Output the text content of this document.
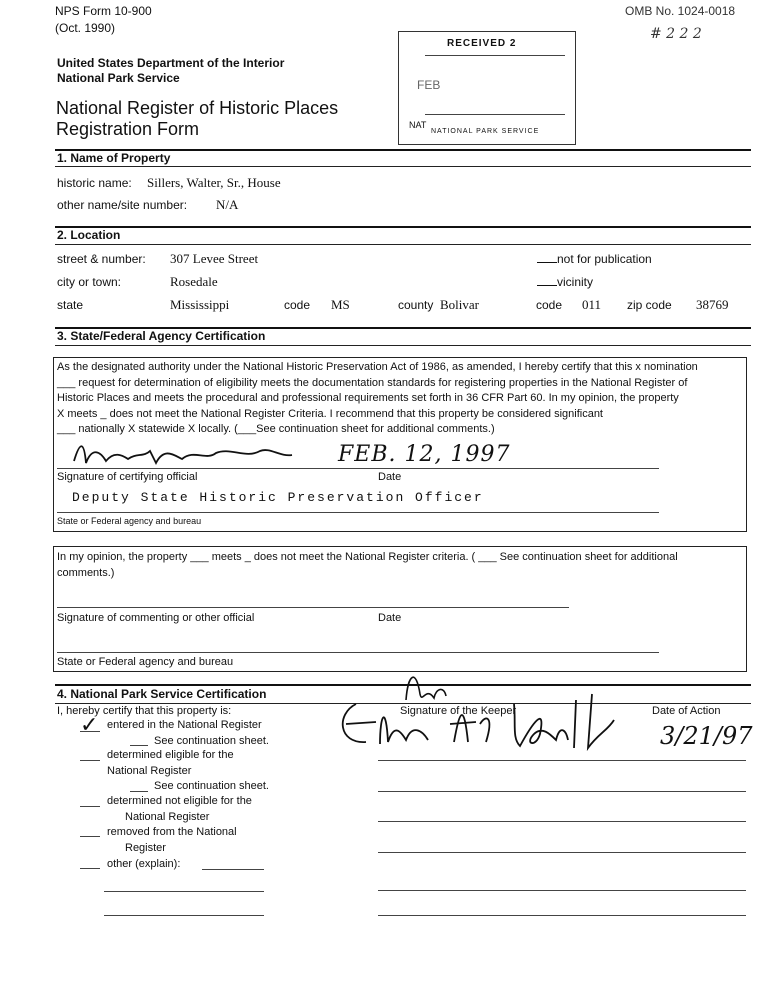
NPS Form 10-900
(Oct. 1990)
OMB No. 1024-0018
# 2 2 2
United States Department of the Interior
National Park Service
National Register of Historic Places Registration Form
RECEIVED 2
FEB
NAT
NATIONAL PARK SERVICE
1. Name of Property
historic name: Sillers, Walter, Sr., House
other name/site number: N/A
2. Location
street & number: 307 Levee Street	not for publication
city or town:	Rosedale	vicinity
state	Mississippi	code MS	county Bolivar	code 011 zip code 38769
3. State/Federal Agency Certification
As the designated authority under the National Historic Preservation Act of 1986, as amended, I hereby certify that this x nomination
___ request for determination of eligibility meets the documentation standards for registering properties in the National Register of
Historic Places and meets the procedural and professional requirements set forth in 36 CFR Part 60. In my opinion, the property
X meets _ does not meet the National Register Criteria. I recommend that this property be considered significant
___ nationally X statewide X locally. (___See continuation sheet for additional comments.)
FEB. 12, 1997
Signature of certifying official	Date
Deputy State Historic Preservation Officer
State or Federal agency and bureau
In my opinion, the property ___ meets _ does not meet the National Register criteria. ( ___ See continuation sheet for additional
comments.)
Signature of commenting or other official	Date
State or Federal agency and bureau
4. National Park Service Certification
I, hereby certify that this property is:
✓ entered in the National Register
See continuation sheet.
determined eligible for the
National Register
See continuation sheet.
determined not eligible for the
National Register
removed from the National
Register
other (explain):
Signature of the Keeper	Date of Action
3/21/97
